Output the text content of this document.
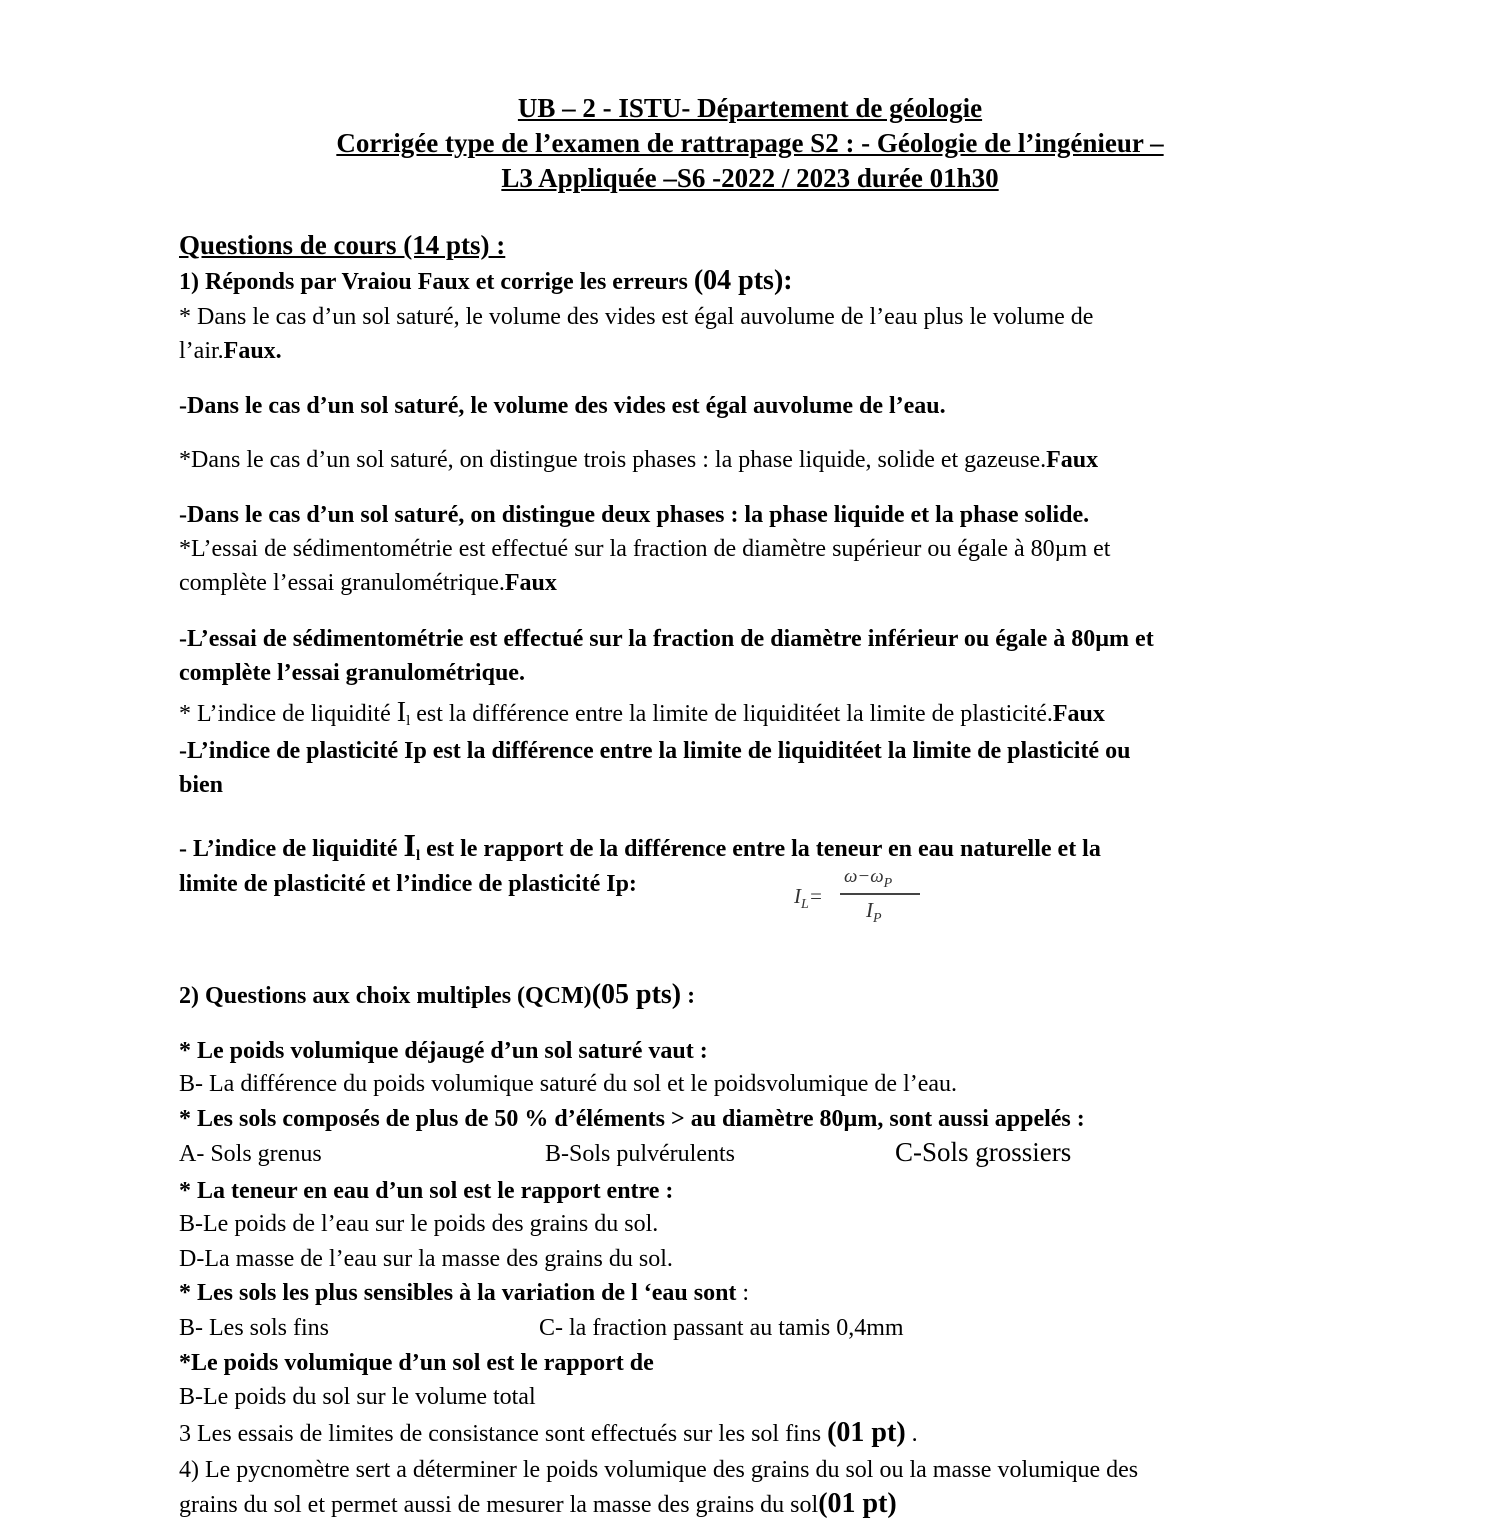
UB – 2 - ISTU- Département de géologie
Corrigée type de l’examen de rattrapage S2 : - Géologie de l’ingénieur –
L3 Appliquée –S6 -2022 / 2023 durée 01h30
Questions de cours (14 pts) :
1) Réponds par Vraiou Faux et corrige les erreurs (04 pts):
* Dans le cas d’un sol saturé, le volume des vides est égal auvolume de l’eau plus le volume de
l’air.Faux.
-Dans le cas d’un sol saturé, le volume des vides est égal auvolume de l’eau.
*Dans le cas d’un sol saturé, on distingue trois phases : la phase liquide, solide et gazeuse.Faux
-Dans le cas d’un sol saturé, on distingue deux phases : la phase liquide et la phase solide.
*L’essai de sédimentométrie est effectué sur la fraction de diamètre supérieur ou égale à 80µm et
complète l’essai granulométrique.Faux
-L’essai de sédimentométrie est effectué sur la fraction de diamètre inférieur ou égale à 80µm et
complète l’essai granulométrique.
* L’indice de liquidité $I_l$ est la différence entre la limite de liquiditéet la limite de plasticité.Faux
-L’indice de plasticité Ip est la différence entre la limite de liquiditéet la limite de plasticité ou
bien
- L’indice de liquidité $I_l$ est le rapport de la différence entre la teneur en eau naturelle et la
limite de plasticité et l’indice de plasticité Ip:	$I_L=$
$\omega-\omega_P$
$I_P$
2) Questions aux choix multiples (QCM)(05 pts) :
* Le poids volumique déjaugé d’un sol saturé vaut :
B- La différence du poids volumique saturé du sol et le poidsvolumique de l’eau.
* Les sols composés de plus de 50 % d’éléments > au diamètre 80µm, sont aussi appelés :
A- Sols grenus	B-Sols pulvérulents	C-Sols grossiers
* La teneur en eau d’un sol est le rapport entre :
B-Le poids de l’eau sur le poids des grains du sol.
D-La masse de l’eau sur la masse des grains du sol.
* Les sols les plus sensibles à la variation de l ‘eau sont :
B- Les sols fins	C- la fraction passant au tamis 0,4mm
*Le poids volumique d’un sol est le rapport de
B-Le poids du sol sur le volume total
3 Les essais de limites de consistance sont effectués sur les sol fins (01 pt) .
4) Le pycnomètre sert a déterminer le poids volumique des grains du sol ou la masse volumique des
grains du sol et permet aussi de mesurer la masse des grains du sol(01 pt)
